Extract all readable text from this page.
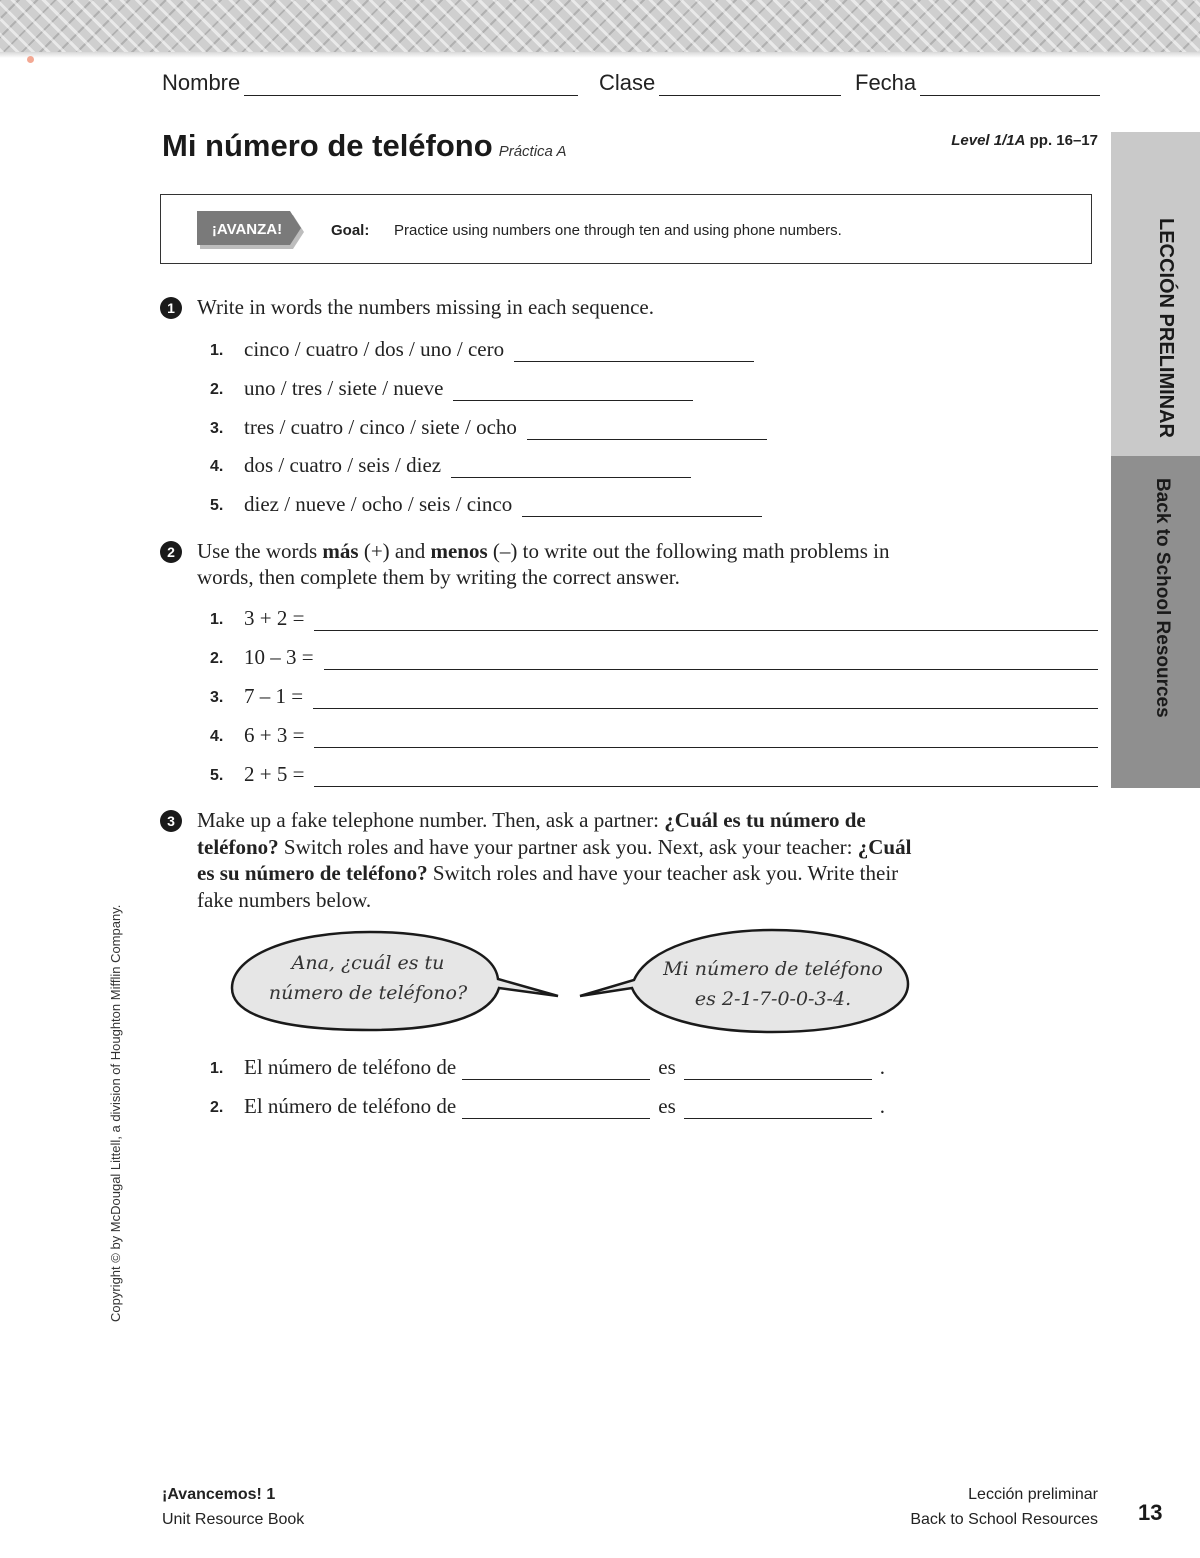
Nombre	Clase	Fecha
Mi número de teléfono Práctica A
Level 1/1A pp. 16–17
¡AVANZA!	Goal: Practice using numbers one through ten and using phone numbers.	LECCIÓN PRELIMINAR
Back to School Resources
1	Write in words the numbers missing in each sequence.
1. cinco / cuatro / dos / uno / cero
2. uno / tres / siete / nueve
3. tres / cuatro / cinco / siete / ocho
4. dos / cuatro / seis / diez
5. diez / nueve / ocho / seis / cinco
2	Use the words más (+) and menos (–) to write out the following math problems in
words, then complete them by writing the correct answer.
1. 3 + 2 =
2. 10 – 3 =
3. 7 – 1 =
4. 6 + 3 =
5. 2 + 5 =
3	Make up a fake telephone number. Then, ask a partner: ¿Cuál es tu número de
teléfono? Switch roles and have your partner ask you. Next, ask your teacher: ¿Cuál
es su número de teléfono? Switch roles and have your teacher ask you. Write their
fake numbers below.
Ana, ¿cuál es tu
número de teléfono?
Mi número de teléfono
es 2-1-7-0-0-3-4.
1. El número de teléfono de	es	.
2. El número de teléfono de	es	.
Copyright © by McDougal Littell, a division of Houghton Mifflin Company.
¡Avancemos! 1
Unit Resource Book
Lección preliminar
Back to School Resources 13
